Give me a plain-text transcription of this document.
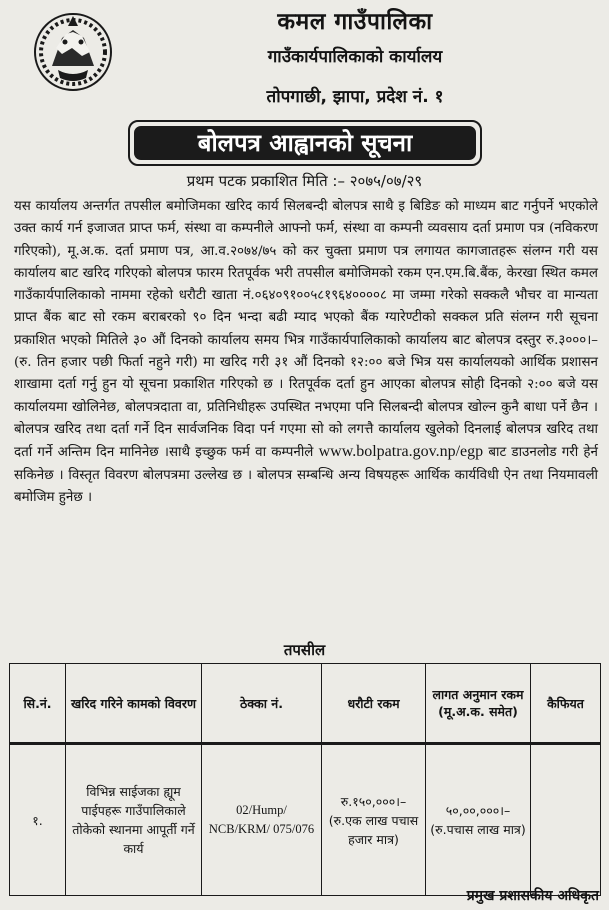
कमल गाउँपालिका
गाउँकार्यपालिकाको कार्यालय
तोपगाछी, झापा, प्रदेश नं. १
बोलपत्र आह्वानको सूचना
प्रथम पटक प्रकाशित मिति :– २०७५/०७/२९
यस कार्यालय अन्तर्गत तपसील बमोजिमका खरिद कार्य सिलबन्दी बोलपत्र साथै इ बिडिङ को माध्यम बाट गर्नुपर्ने भएकोले उक्त कार्य गर्न इजाजत प्राप्त फर्म, संस्था वा कम्पनीले आफ्नो फर्म, संस्था वा कम्पनी व्यवसाय दर्ता प्रमाण पत्र (नविकरण गरिएको), मू.अ.क. दर्ता प्रमाण पत्र, आ.व.२०७४/७५ को कर चुक्ता प्रमाण पत्र लगायत कागजातहरू संलग्न गरी यस कार्यालय बाट खरिद गरिएको बोलपत्र फारम रितपूर्वक भरी तपसील बमोजिमको रकम एन.एम.बि.बैंक, केरखा स्थित कमल गाउँकार्यपालिकाको नाममा रहेको धरौटी खाता नं.०६४०९१००५८१९६४००००८ मा जम्मा गरेको सक्कलै भौचर वा मान्यता प्राप्त बैंक बाट सो रकम बराबरको ९० दिन भन्दा बढी म्याद भएको बैंक ग्यारेण्टीको सक्कल प्रति संलग्न गरी सूचना प्रकाशित भएको मितिले ३० औं दिनको कार्यालय समय भित्र गाउँकार्यपालिकाको कार्यालय बाट बोलपत्र दस्तुर रु.३०००।– (रु. तिन हजार पछी फिर्ता नहुने गरी) मा खरिद गरी ३१ औं दिनको १२:०० बजे भित्र यस कार्यालयको आर्थिक प्रशासन शाखामा दर्ता गर्नु हुन यो सूचना प्रकाशित गरिएको छ । रितपूर्वक दर्ता हुन आएका बोलपत्र सोही दिनको २:०० बजे यस कार्यालयमा खोलिनेछ, बोलपत्रदाता वा, प्रतिनिधीहरू उपस्थित नभएमा पनि सिलबन्दी बोलपत्र खोल्न कुनै बाधा पर्ने छैन । बोलपत्र खरिद तथा दर्ता गर्ने दिन सार्वजनिक विदा पर्न गएमा सो को लगत्तै कार्यालय खुलेको दिनलाई बोलपत्र खरिद तथा दर्ता गर्ने अन्तिम दिन मानिनेछ ।साथै इच्छुक फर्म वा कम्पनीले www.bolpatra.gov.np/egp बाट डाउनलोड गरी हेर्न सकिनेछ । विस्तृत विवरण बोलपत्रमा उल्लेख छ । बोलपत्र सम्बन्धि अन्य विषयहरू आर्थिक कार्यविधी ऐन तथा नियमावली बमोजिम हुनेछ ।
तपसील
सि.नं.	खरिद गरिने कामको विवरण	ठेक्का नं.	धरौटी रकम	लागत अनुमान रकम (मू.अ.क. समेत)	कैफियत
१.	विभिन्न साईजका ह्यूम पाईपहरू गाउँपालिकाले तोकेको स्थानमा आपूर्ती गर्ने कार्य	02/Hump/ NCB/KRM/ 075/076	रु.१५०,०००।– (रु.एक लाख पचास हजार मात्र)	५०,००,०००।– (रु.पचास लाख मात्र)	
प्रमुख प्रशासकीय अधिकृत
